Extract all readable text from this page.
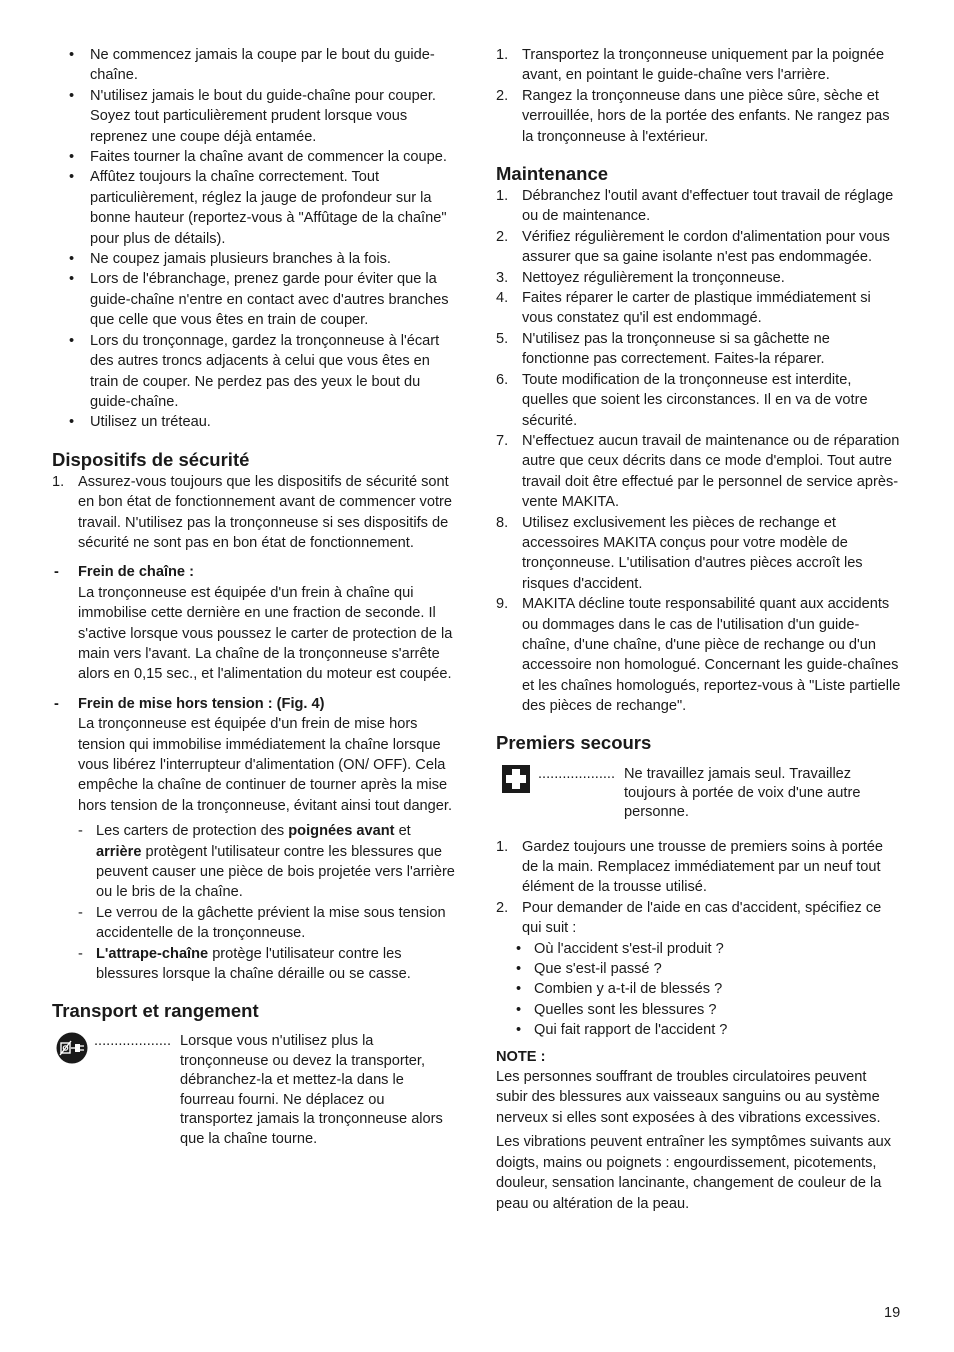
• Ne commencez jamais la coupe par le bout du guide-chaîne.
• N'utilisez jamais le bout du guide-chaîne pour couper. Soyez tout particulièrement prudent lorsque vous reprenez une coupe déjà entamée.
• Faites tourner la chaîne avant de commencer la coupe.
• Affûtez toujours la chaîne correctement. Tout particulièrement, réglez la jauge de profondeur sur la bonne hauteur (reportez-vous à "Affûtage de la chaîne" pour plus de détails).
• Ne coupez jamais plusieurs branches à la fois.
• Lors de l'ébranchage, prenez garde pour éviter que la guide-chaîne n'entre en contact avec d'autres branches que celle que vous êtes en train de couper.
• Lors du tronçonnage, gardez la tronçonneuse à l'écart des autres troncs adjacents à celui que vous êtes en train de couper. Ne perdez pas des yeux le bout du guide-chaîne.
• Utilisez un tréteau.
Dispositifs de sécurité
1. Assurez-vous toujours que les dispositifs de sécurité sont en bon état de fonctionnement avant de commencer votre travail. N'utilisez pas la tronçonneuse si ses dispositifs de sécurité ne sont pas en bon état de fonctionnement.
- Frein de chaîne :
La tronçonneuse est équipée d'un frein à chaîne qui immobilise cette dernière en une fraction de seconde. Il s'active lorsque vous poussez le carter de protection de la main vers l'avant. La chaîne de la tronçonneuse s'arrête alors en 0,15 sec., et l'alimentation du moteur est coupée.
- Frein de mise hors tension : (Fig. 4)
La tronçonneuse est équipée d'un frein de mise hors tension qui immobilise immédiatement la chaîne lorsque vous libérez l'interrupteur d'alimentation (ON/ OFF). Cela empêche la chaîne de continuer de tourner après la mise hors tension de la tronçonneuse, évitant ainsi tout danger.
- Les carters de protection des poignées avant et arrière protègent l'utilisateur contre les blessures que peuvent causer une pièce de bois projetée vers l'arrière ou le bris de la chaîne.
- Le verrou de la gâchette prévient la mise sous tension accidentelle de la tronçonneuse.
- L'attrape-chaîne protège l'utilisateur contre les blessures lorsque la chaîne déraille ou se casse.
Transport et rangement
................... Lorsque vous n'utilisez plus la tronçonneuse ou devez la transporter, débranchez-la et mettez-la dans le fourreau fourni. Ne déplacez ou transportez jamais la tronçonneuse alors que la chaîne tourne.
1. Transportez la tronçonneuse uniquement par la poignée avant, en pointant le guide-chaîne vers l'arrière.
2. Rangez la tronçonneuse dans une pièce sûre, sèche et verrouillée, hors de la portée des enfants. Ne rangez pas la tronçonneuse à l'extérieur.
Maintenance
1. Débranchez l'outil avant d'effectuer tout travail de réglage ou de maintenance.
2. Vérifiez régulièrement le cordon d'alimentation pour vous assurer que sa gaine isolante n'est pas endommagée.
3. Nettoyez régulièrement la tronçonneuse.
4. Faites réparer le carter de plastique immédiatement si vous constatez qu'il est endommagé.
5. N'utilisez pas la tronçonneuse si sa gâchette ne fonctionne pas correctement. Faites-la réparer.
6. Toute modification de la tronçonneuse est interdite, quelles que soient les circonstances. Il en va de votre sécurité.
7. N'effectuez aucun travail de maintenance ou de réparation autre que ceux décrits dans ce mode d'emploi. Tout autre travail doit être effectué par le personnel de service après-vente MAKITA.
8. Utilisez exclusivement les pièces de rechange et accessoires MAKITA conçus pour votre modèle de tronçonneuse. L'utilisation d'autres pièces accroît les risques d'accident.
9. MAKITA décline toute responsabilité quant aux accidents ou dommages dans le cas de l'utilisation d'un guide-chaîne, d'une chaîne, d'une pièce de rechange ou d'un accessoire non homologué. Concernant les guide-chaînes et les chaînes homologués, reportez-vous à "Liste partielle des pièces de rechange".
Premiers secours
................... Ne travaillez jamais seul. Travaillez toujours à portée de voix d'une autre personne.
1. Gardez toujours une trousse de premiers soins à portée de la main. Remplacez immédiatement par un neuf tout élément de la trousse utilisé.
2. Pour demander de l'aide en cas d'accident, spécifiez ce qui suit :
• Où l'accident s'est-il produit ?
• Que s'est-il passé ?
• Combien y a-t-il de blessés ?
• Quelles sont les blessures ?
• Qui fait rapport de l'accident ?
NOTE :
Les personnes souffrant de troubles circulatoires peuvent subir des blessures aux vaisseaux sanguins ou au système nerveux si elles sont exposées à des vibrations excessives.
Les vibrations peuvent entraîner les symptômes suivants aux doigts, mains ou poignets : engourdissement, picotements, douleur, sensation lancinante, changement de couleur de la peau ou altération de la peau.
19
